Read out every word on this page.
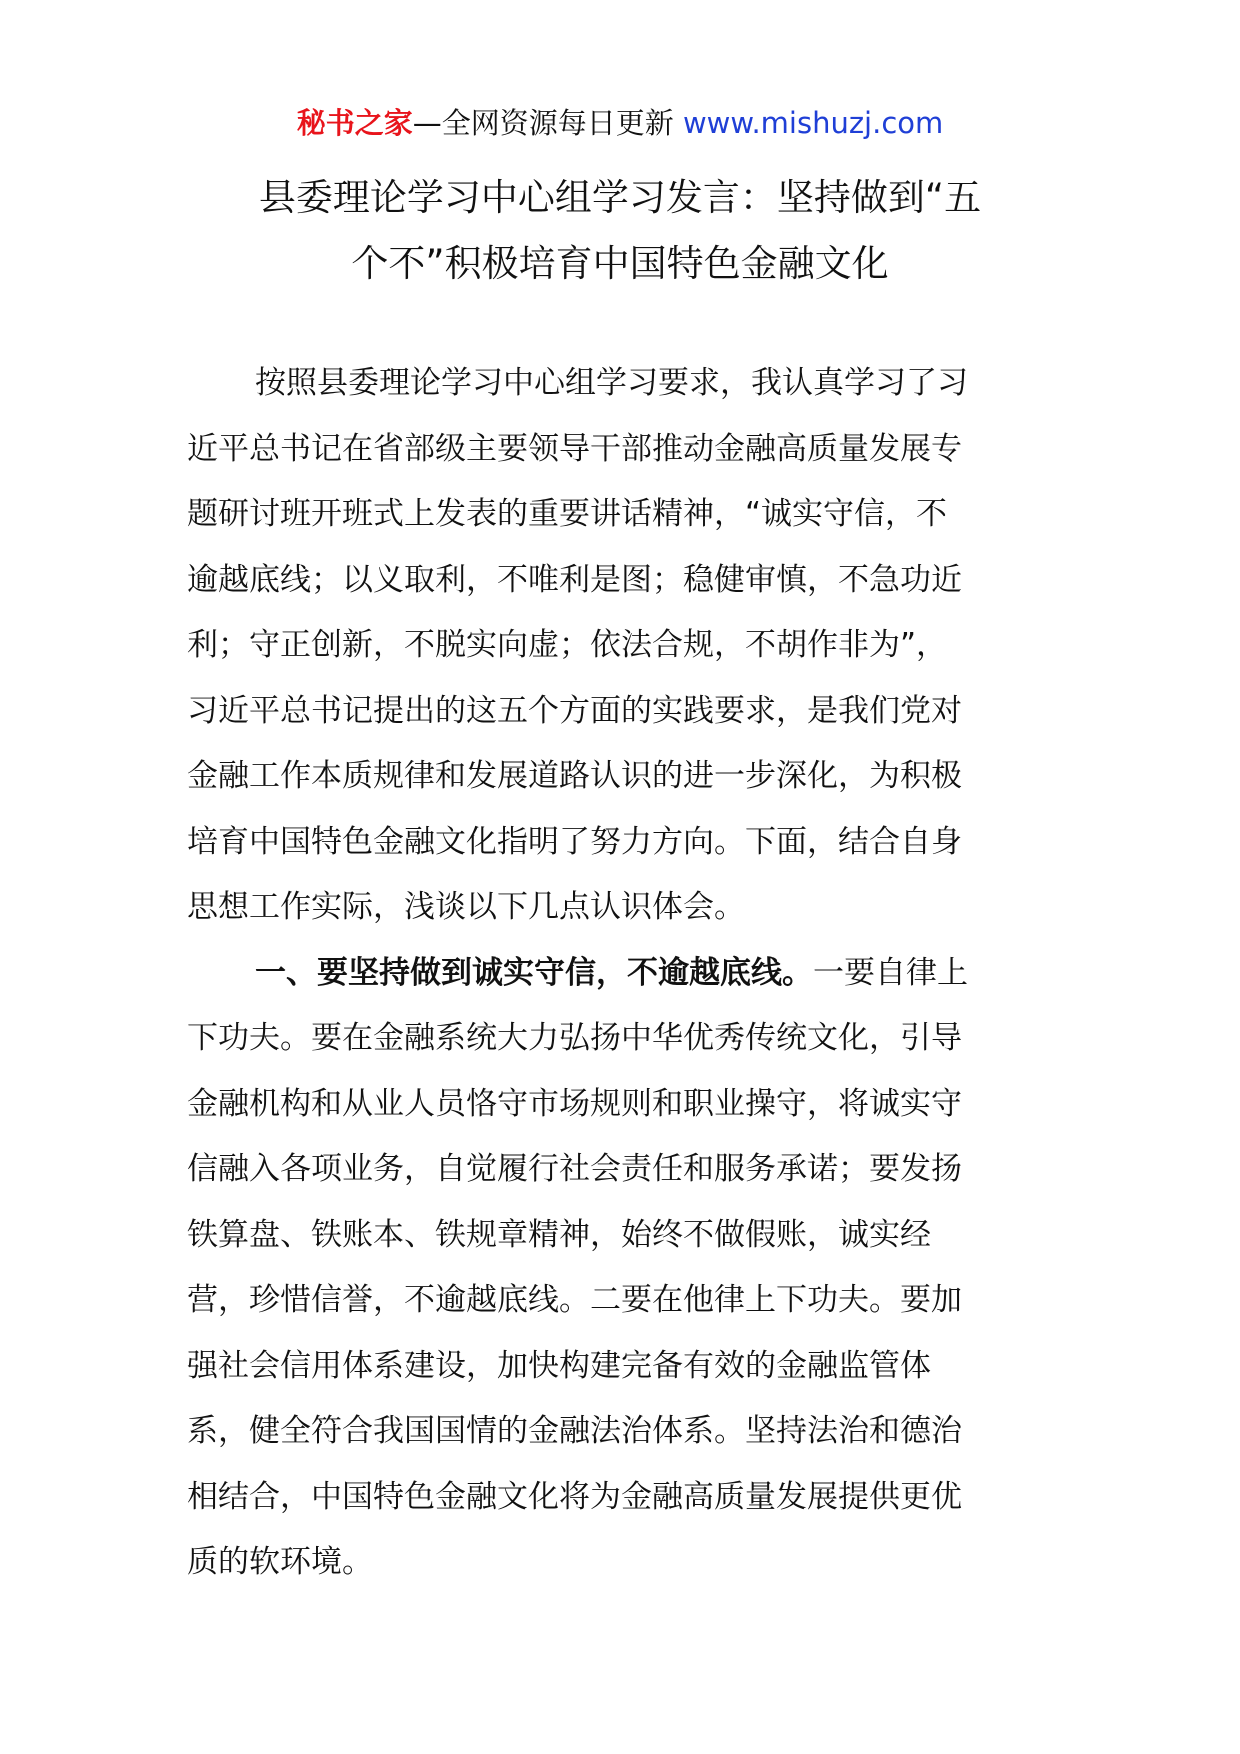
秘书之家—全网资源每日更新 www.mishuzj.com
县委理论学习中心组学习发言：坚持做到“五
个不”积极培育中国特色金融文化
按照县委理论学习中心组学习要求，我认真学习了习
近平总书记在省部级主要领导干部推动金融高质量发展专
题研讨班开班式上发表的重要讲话精神，“诚实守信，不
逾越底线；以义取利，不唯利是图；稳健审慎，不急功近
利；守正创新，不脱实向虚；依法合规，不胡作非为”，
习近平总书记提出的这五个方面的实践要求，是我们党对
金融工作本质规律和发展道路认识的进一步深化，为积极
培育中国特色金融文化指明了努力方向。下面，结合自身
思想工作实际，浅谈以下几点认识体会。
一、要坚持做到诚实守信，不逾越底线。一要自律上
下功夫。要在金融系统大力弘扬中华优秀传统文化，引导
金融机构和从业人员恪守市场规则和职业操守，将诚实守
信融入各项业务，自觉履行社会责任和服务承诺；要发扬
铁算盘、铁账本、铁规章精神，始终不做假账，诚实经
营，珍惜信誉，不逾越底线。二要在他律上下功夫。要加
强社会信用体系建设，加快构建完备有效的金融监管体
系，健全符合我国国情的金融法治体系。坚持法治和德治
相结合，中国特色金融文化将为金融高质量发展提供更优
质的软环境。
